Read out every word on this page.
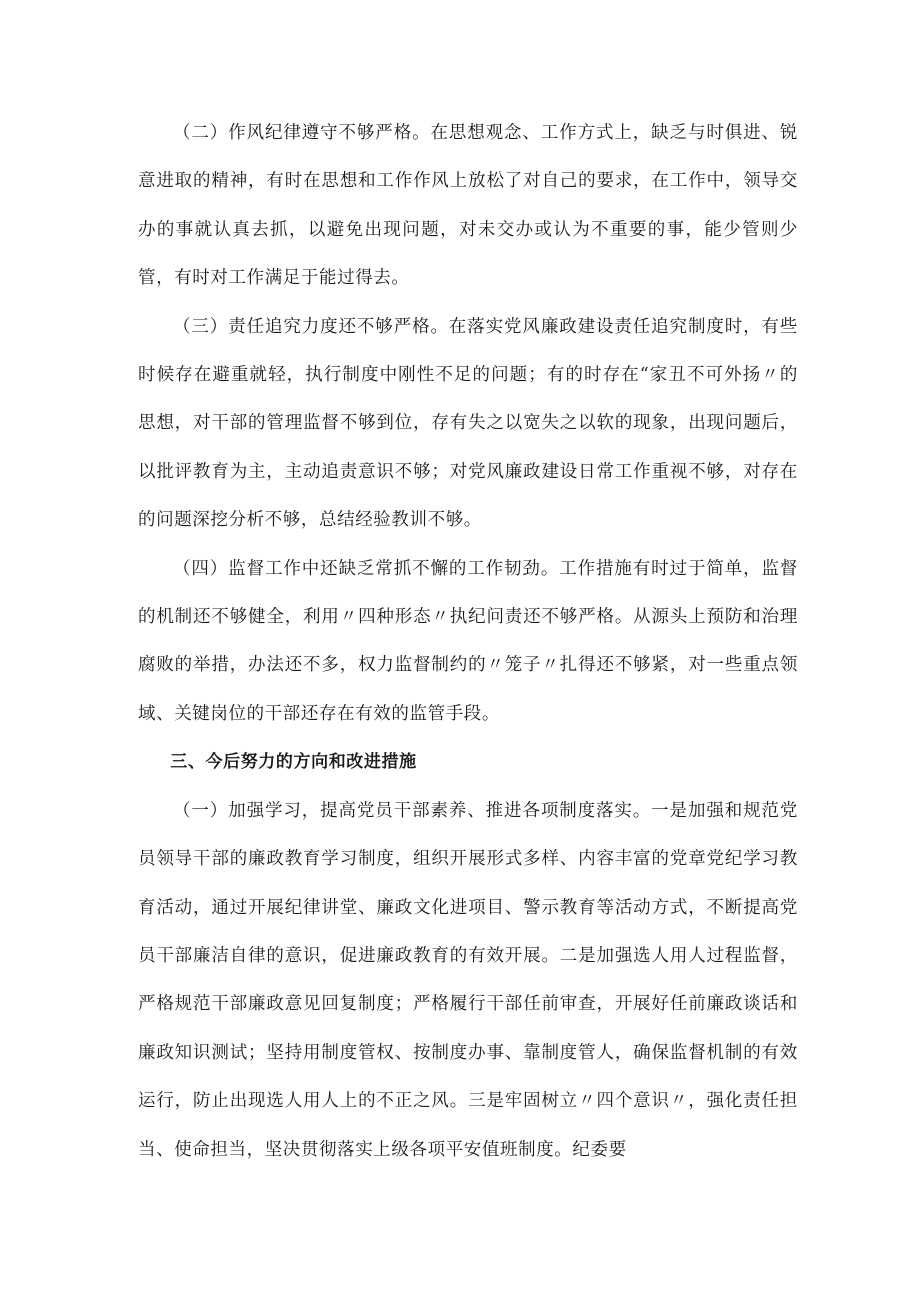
（二）作风纪律遵守不够严格。在思想观念、工作方式上，缺乏与时俱进、锐意进取的精神，有时在思想和工作作风上放松了对自己的要求，在工作中，领导交办的事就认真去抓，以避免出现问题，对未交办或认为不重要的事，能少管则少管，有时对工作满足于能过得去。

（三）责任追究力度还不够严格。在落实党风廉政建设责任追究制度时，有些时候存在避重就轻，执行制度中刚性不足的问题；有的时存在“家丑不可外扬〃的思想，对干部的管理监督不够到位，存有失之以宽失之以软的现象，出现问题后，以批评教育为主，主动追责意识不够；对党风廉政建设日常工作重视不够，对存在的问题深挖分析不够，总结经验教训不够。

（四）监督工作中还缺乏常抓不懈的工作韧劲。工作措施有时过于简单，监督的机制还不够健全，利用〃四种形态〃执纪问责还不够严格。从源头上预防和治理腐败的举措，办法还不多，权力监督制约的〃笼子〃扎得还不够紧，对一些重点领域、关键岗位的干部还存在有效的监管手段。

三、今后努力的方向和改进措施

（一）加强学习，提高党员干部素养、推进各项制度落实。一是加强和规范党员领导干部的廉政教育学习制度，组织开展形式多样、内容丰富的党章党纪学习教育活动，通过开展纪律讲堂、廉政文化进项目、警示教育等活动方式，不断提高党员干部廉洁自律的意识，促进廉政教育的有效开展。二是加强选人用人过程监督，严格规范干部廉政意见回复制度；严格履行干部任前审查，开展好任前廉政谈话和廉政知识测试；坚持用制度管权、按制度办事、靠制度管人，确保监督机制的有效运行，防止出现选人用人上的不正之风。三是牢固树立〃四个意识〃，强化责任担当、使命担当，坚决贯彻落实上级各项平安值班制度。纪委要
